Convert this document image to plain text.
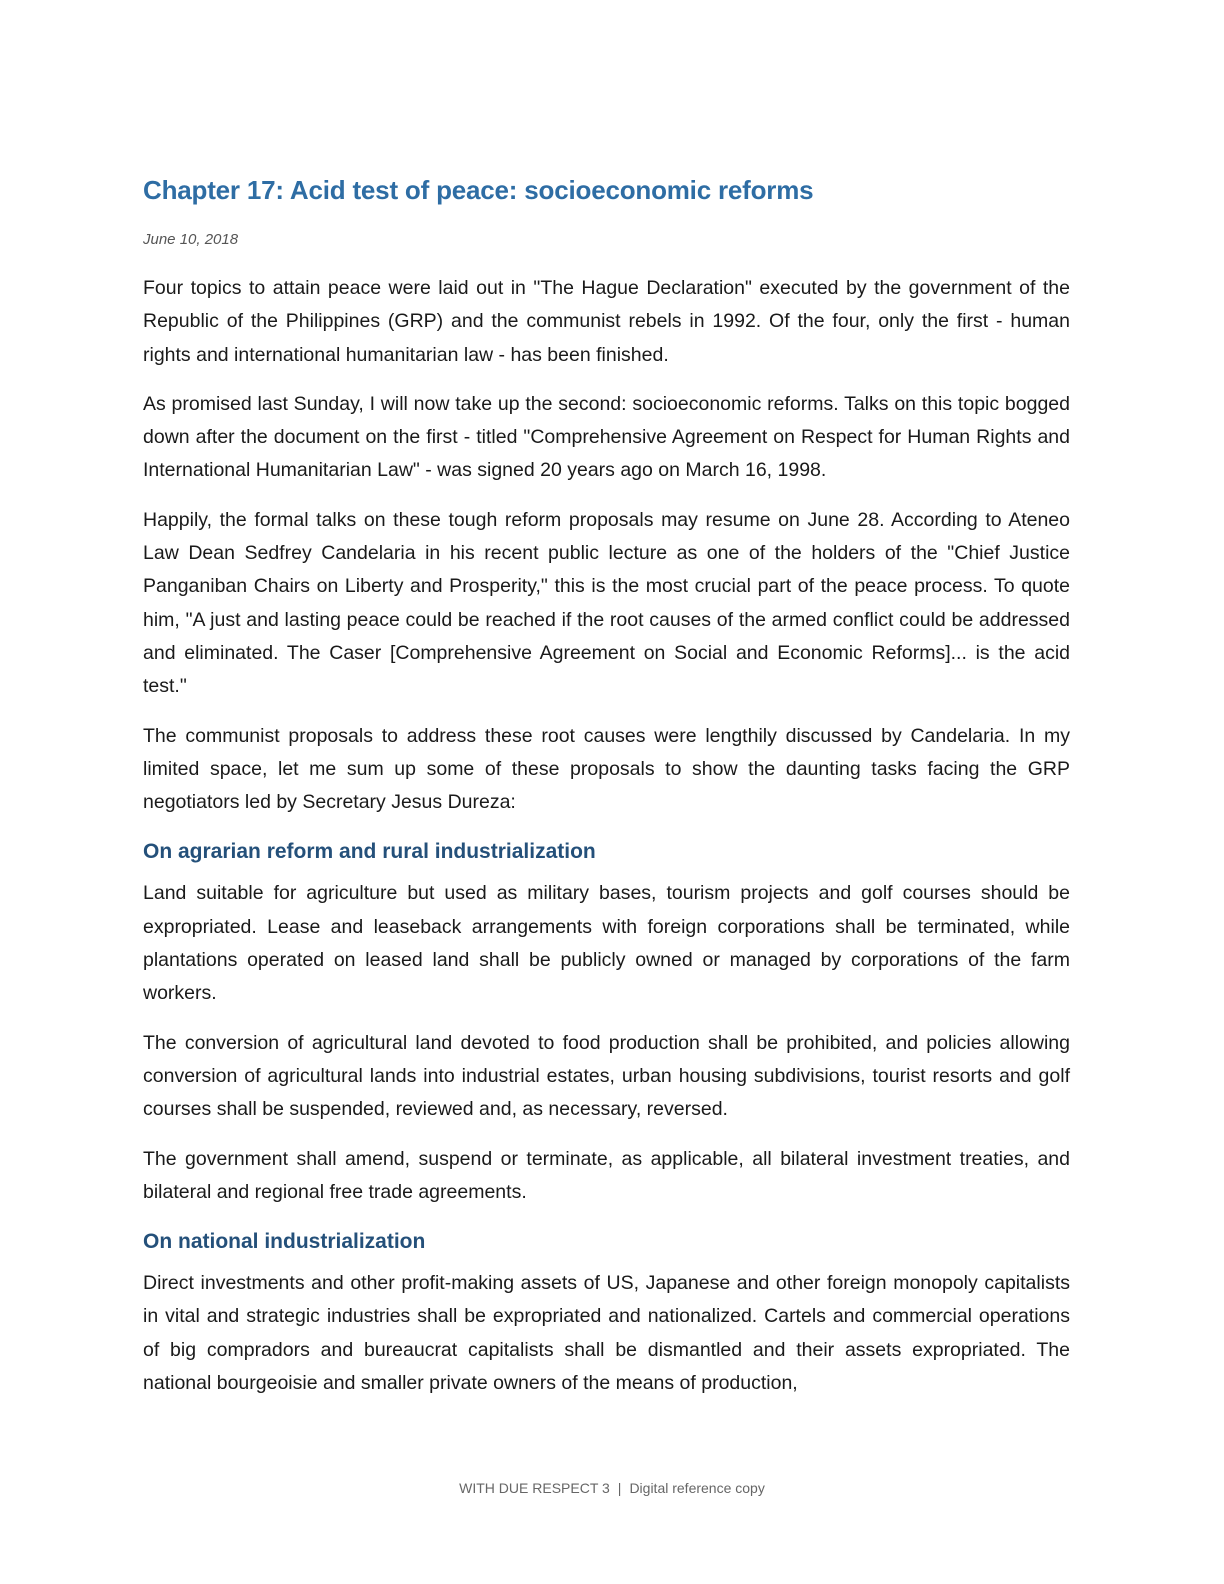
Chapter 17: Acid test of peace: socioeconomic reforms
June 10, 2018

Four topics to attain peace were laid out in "The Hague Declaration" executed by the government of the Republic of the Philippines (GRP) and the communist rebels in 1992. Of the four, only the first - human rights and international humanitarian law - has been finished.

As promised last Sunday, I will now take up the second: socioeconomic reforms. Talks on this topic bogged down after the document on the first - titled "Comprehensive Agreement on Respect for Human Rights and International Humanitarian Law" - was signed 20 years ago on March 16, 1998.

Happily, the formal talks on these tough reform proposals may resume on June 28. According to Ateneo Law Dean Sedfrey Candelaria in his recent public lecture as one of the holders of the "Chief Justice Panganiban Chairs on Liberty and Prosperity," this is the most crucial part of the peace process. To quote him, "A just and lasting peace could be reached if the root causes of the armed conflict could be addressed and eliminated. The Caser [Comprehensive Agreement on Social and Economic Reforms]... is the acid test."

The communist proposals to address these root causes were lengthily discussed by Candelaria. In my limited space, let me sum up some of these proposals to show the daunting tasks facing the GRP negotiators led by Secretary Jesus Dureza:

On agrarian reform and rural industrialization

Land suitable for agriculture but used as military bases, tourism projects and golf courses should be expropriated. Lease and leaseback arrangements with foreign corporations shall be terminated, while plantations operated on leased land shall be publicly owned or managed by corporations of the farm workers.

The conversion of agricultural land devoted to food production shall be prohibited, and policies allowing conversion of agricultural lands into industrial estates, urban housing subdivisions, tourist resorts and golf courses shall be suspended, reviewed and, as necessary, reversed.

The government shall amend, suspend or terminate, as applicable, all bilateral investment treaties, and bilateral and regional free trade agreements.

On national industrialization

Direct investments and other profit-making assets of US, Japanese and other foreign monopoly capitalists in vital and strategic industries shall be expropriated and nationalized. Cartels and commercial operations of big compradors and bureaucrat capitalists shall be dismantled and their assets expropriated. The national bourgeoisie and smaller private owners of the means of production,

WITH DUE RESPECT 3 | Digital reference copy
